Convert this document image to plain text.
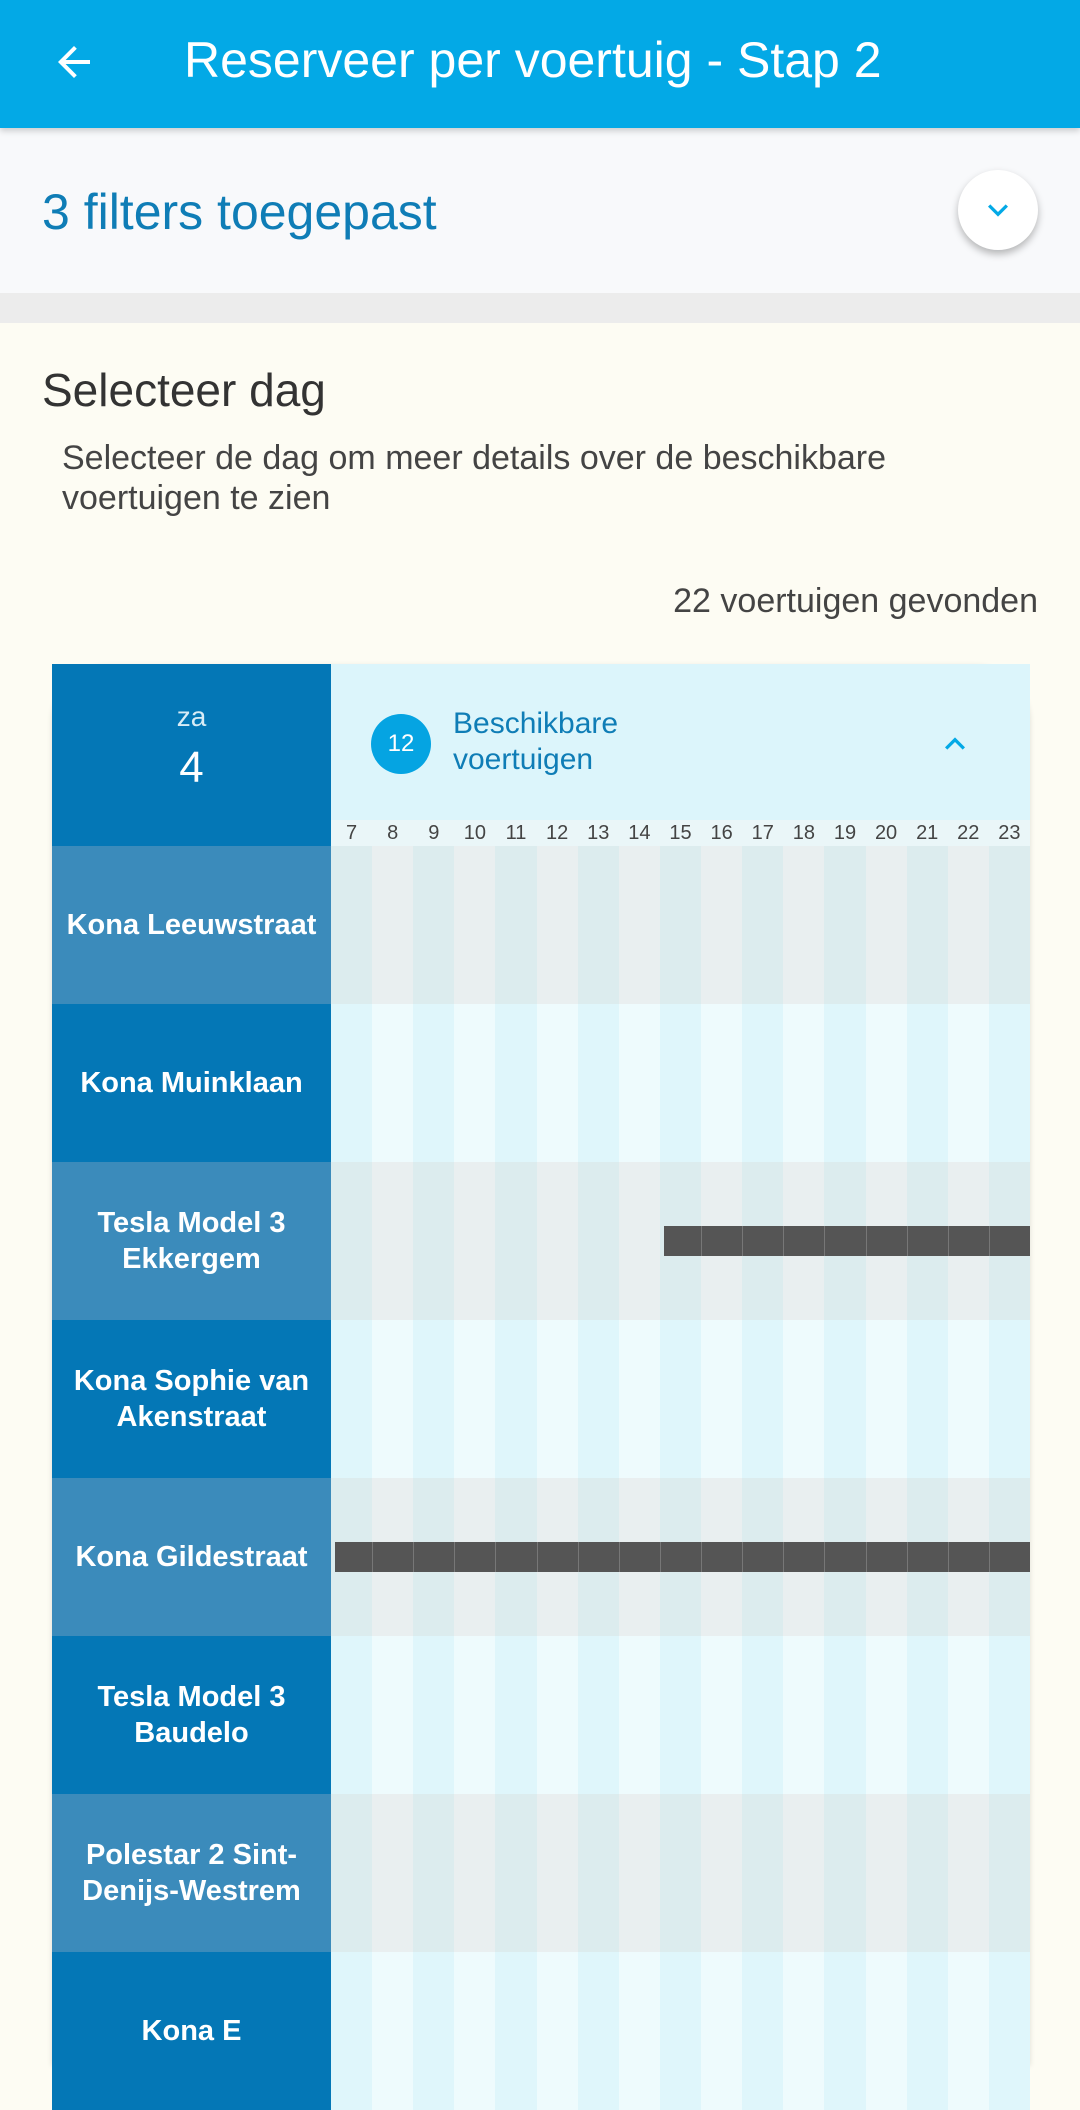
Reserveer per voertuig - Stap 2
3 filters toegepast
Selecteer dag
Selecteer de dag om meer details over de beschikbare voertuigen te zien
22 voertuigen gevonden
za
4	12
Beschikbare voertuigen
7	8	9	10 11 12 13 14 15 16 17 18 19 20 21 22 23
Kona Leeuwstraat
Kona Muinklaan
Tesla Model 3 Ekkergem
Kona Sophie van Akenstraat
Kona Gildestraat
Tesla Model 3 Baudelo
Polestar 2 Sint-Denijs-Westrem
Kona E
